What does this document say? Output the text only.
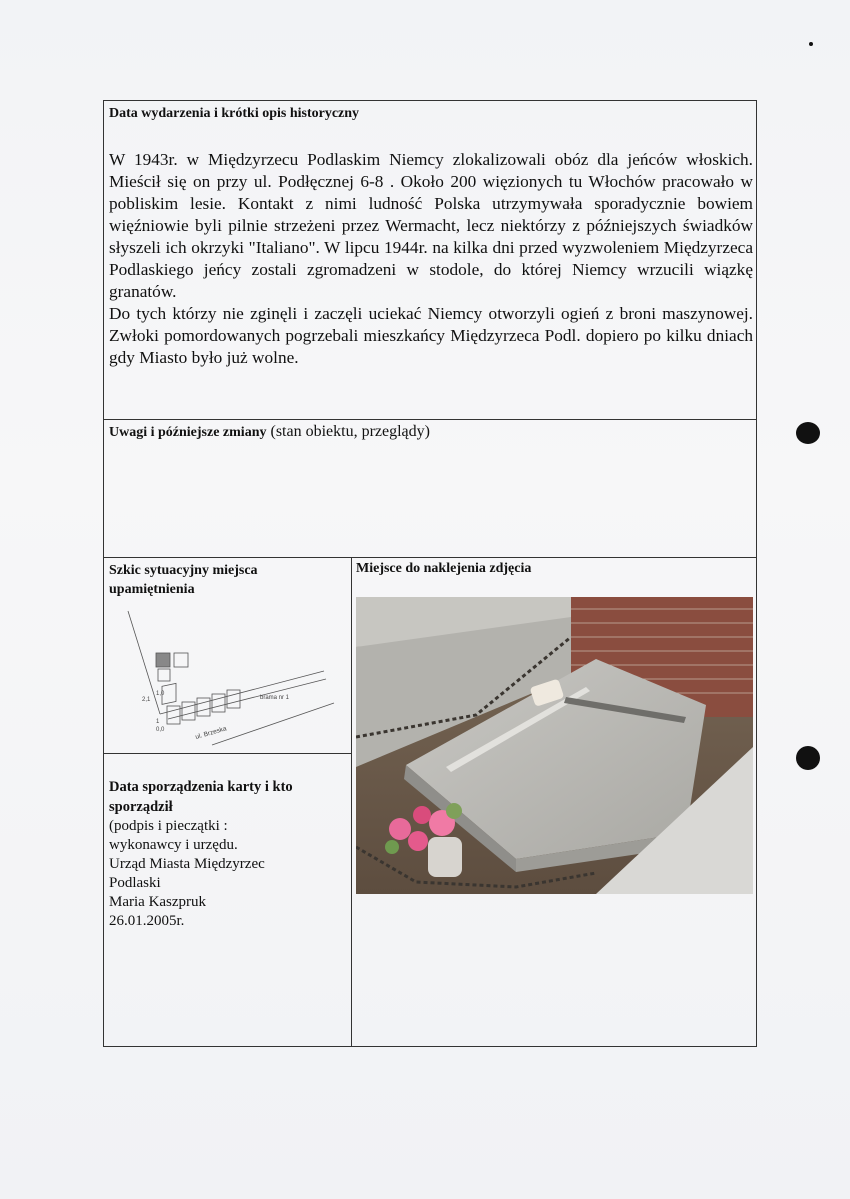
Data wydarzenia i krótki opis historyczny

W 1943r. w Międzyrzecu Podlaskim Niemcy zlokalizowali obóz dla jeńców włoskich. Mieścił się on przy ul. Podłęcznej 6-8 . Około 200 więzionych tu Włochów pracowało w pobliskim lesie. Kontakt z nimi ludność Polska utrzymywała sporadycznie bowiem więźniowie byli pilnie strzeżeni przez Wermacht, lecz niektórzy z późniejszych świadków słyszeli ich okrzyki "Italiano". W lipcu 1944r. na kilka dni przed wyzwoleniem Międzyrzeca Podlaskiego jeńcy zostali zgromadzeni w stodole, do której Niemcy wrzucili wiązkę granatów.

Do tych którzy nie zginęli i zaczęli uciekać Niemcy otworzyli ogień z broni maszynowej. Zwłoki pomordowanych pogrzebali mieszkańcy Międzyrzeca Podl. dopiero po kilku dniach gdy Miasto było już wolne.

Uwagi i późniejsze zmiany (stan obiektu, przeglądy)
Szkic sytuacyjny miejsca upamiętnienia
2,1
1,0
1
0,0
brama nr 1
ul. Brzeska
Data sporządzenia karty i kto sporządził
(podpis i pieczątki :
wykonawcy i urzędu.
Urząd Miasta Międzyrzec
Podlaski
Maria Kaszpruk
26.01.2005r.
Miejsce do naklejenia zdjęcia
